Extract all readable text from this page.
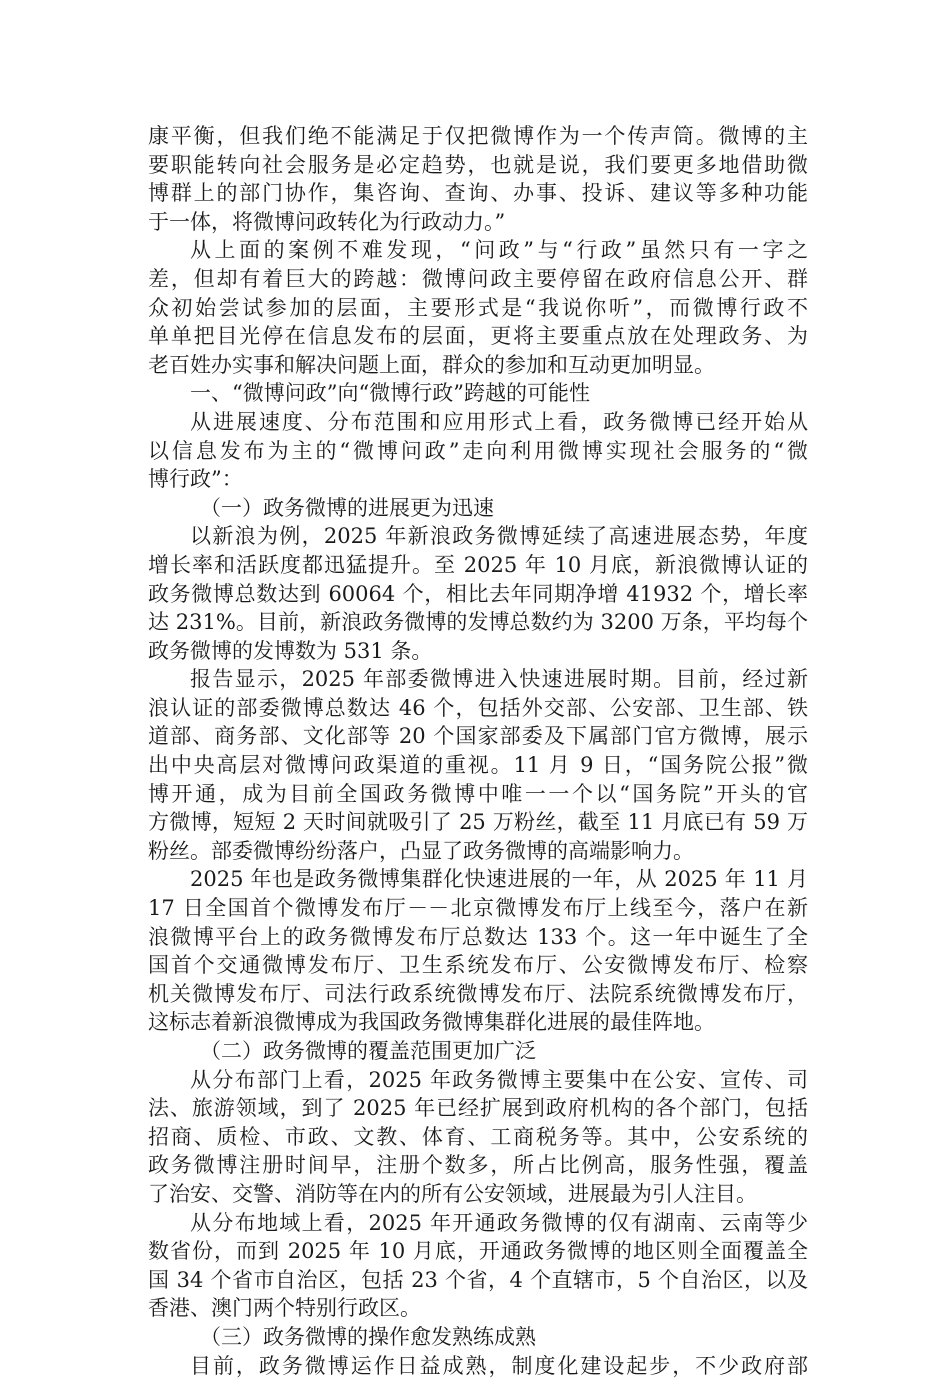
康平衡，但我们绝不能满足于仅把微博作为一个传声筒。微博的主
要职能转向社会服务是必定趋势，也就是说，我们要更多地借助微
博群上的部门协作，集咨询、查询、办事、投诉、建议等多种功能
于一体，将微博问政转化为行政动力。”
从上面的案例不难发现，“问政”与“行政”虽然只有一字之
差，但却有着巨大的跨越：微博问政主要停留在政府信息公开、群
众初始尝试参加的层面，主要形式是“我说你听”，而微博行政不
单单把目光停在信息发布的层面，更将主要重点放在处理政务、为
老百姓办实事和解决问题上面，群众的参加和互动更加明显。
一、“微博问政”向“微博行政”跨越的可能性
从进展速度、分布范围和应用形式上看，政务微博已经开始从
以信息发布为主的“微博问政”走向利用微博实现社会服务的“微
博行政”：
（一）政务微博的进展更为迅速
以新浪为例，2025 年新浪政务微博延续了高速进展态势，年度
增长率和活跃度都迅猛提升。至 2025 年 10 月底，新浪微博认证的
政务微博总数达到 60064 个，相比去年同期净增 41932 个，增长率
达 231%。目前，新浪政务微博的发博总数约为 3200 万条，平均每个
政务微博的发博数为 531 条。
报告显示，2025 年部委微博进入快速进展时期。目前，经过新
浪认证的部委微博总数达 46 个，包括外交部、公安部、卫生部、铁
道部、商务部、文化部等 20 个国家部委及下属部门官方微博，展示
出中央高层对微博问政渠道的重视。11 月 9 日，“国务院公报”微
博开通，成为目前全国政务微博中唯一一个以“国务院”开头的官
方微博，短短 2 天时间就吸引了 25 万粉丝，截至 11 月底已有 59 万
粉丝。部委微博纷纷落户，凸显了政务微博的高端影响力。
2025 年也是政务微博集群化快速进展的一年，从 2025 年 11 月
17 日全国首个微博发布厅－－北京微博发布厅上线至今，落户在新
浪微博平台上的政务微博发布厅总数达 133 个。这一年中诞生了全
国首个交通微博发布厅、卫生系统发布厅、公安微博发布厅、检察
机关微博发布厅、司法行政系统微博发布厅、法院系统微博发布厅，
这标志着新浪微博成为我国政务微博集群化进展的最佳阵地。
（二）政务微博的覆盖范围更加广泛
从分布部门上看，2025 年政务微博主要集中在公安、宣传、司
法、旅游领域，到了 2025 年已经扩展到政府机构的各个部门，包括
招商、质检、市政、文教、体育、工商税务等。其中，公安系统的
政务微博注册时间早，注册个数多，所占比例高，服务性强，覆盖
了治安、交警、消防等在内的所有公安领域，进展最为引人注目。
从分布地域上看，2025 年开通政务微博的仅有湖南、云南等少
数省份，而到 2025 年 10 月底，开通政务微博的地区则全面覆盖全
国 34 个省市自治区，包括 23 个省，4 个直辖市，5 个自治区，以及
香港、澳门两个特别行政区。
（三）政务微博的操作愈发熟练成熟
目前，政务微博运作日益成熟，制度化建设起步，不少政府部
